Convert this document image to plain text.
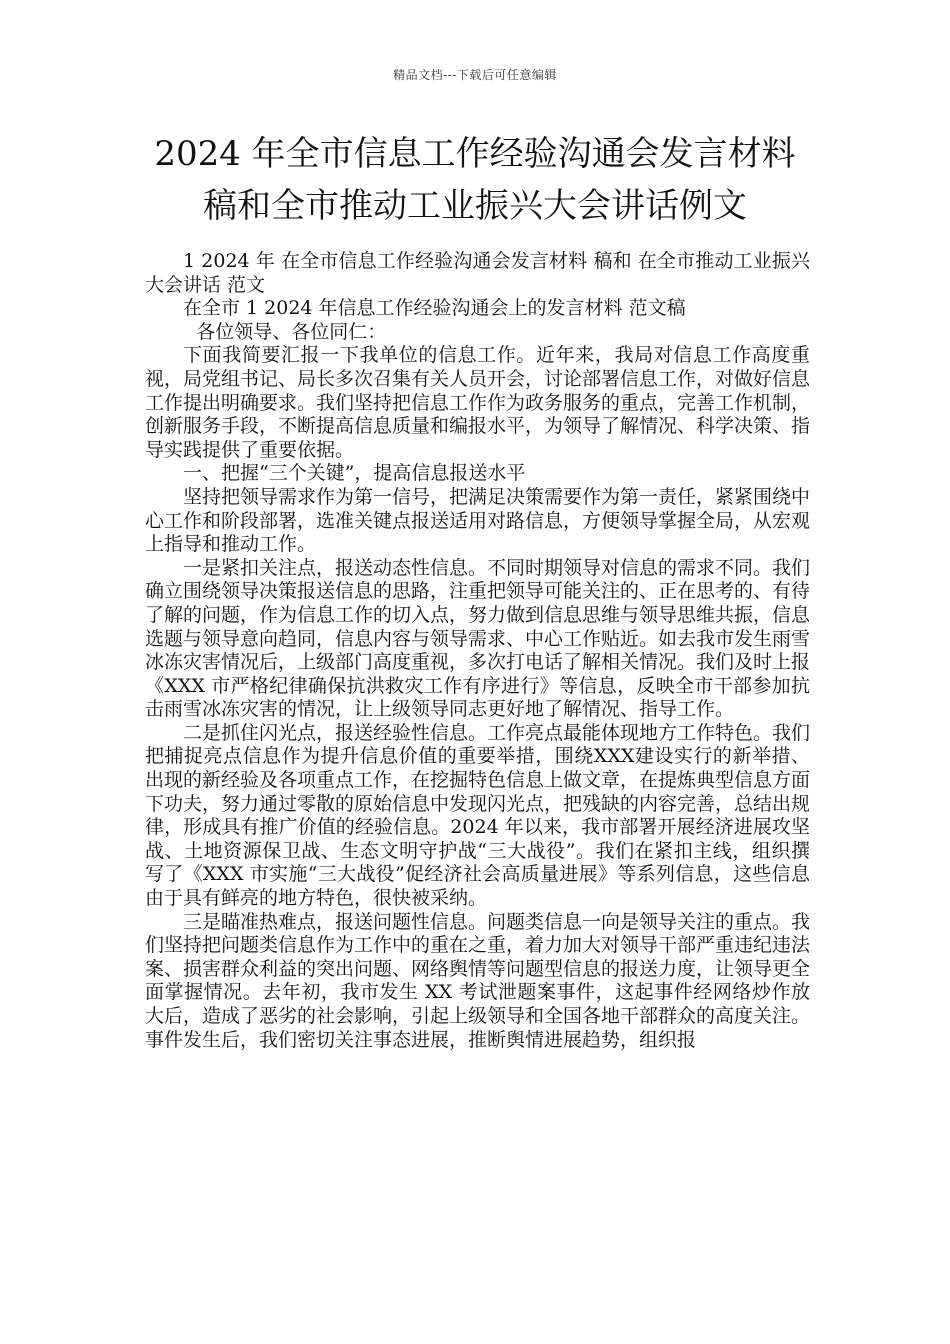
精品文档---下载后可任意编辑
2024 年全市信息工作经验沟通会发言材料
稿和全市推动工业振兴大会讲话例文

1 2024 年 在全市信息工作经验沟通会发言材料 稿和 在全市推动工业振兴大会讲话 范文

在全市 1 2024 年信息工作经验沟通会上的发言材料 范文稿

各位领导、各位同仁：

下面我简要汇报一下我单位的信息工作。近年来，我局对信息工作高度重视，局党组书记、局长多次召集有关人员开会，讨论部署信息工作，对做好信息工作提出明确要求。我们坚持把信息工作作为政务服务的重点，完善工作机制，创新服务手段，不断提高信息质量和编报水平，为领导了解情况、科学决策、指导实践提供了重要依据。

一、把握“三个关键”，提高信息报送水平

坚持把领导需求作为第一信号，把满足决策需要作为第一责任，紧紧围绕中心工作和阶段部署，选准关键点报送适用对路信息，方便领导掌握全局，从宏观上指导和推动工作。

一是紧扣关注点，报送动态性信息。不同时期领导对信息的需求不同。我们确立围绕领导决策报送信息的思路，注重把领导可能关注的、正在思考的、有待了解的问题，作为信息工作的切入点，努力做到信息思维与领导思维共振，信息选题与领导意向趋同，信息内容与领导需求、中心工作贴近。如去我市发生雨雪冰冻灾害情况后，上级部门高度重视，多次打电话了解相关情况。我们及时上报《XXX 市严格纪律确保抗洪救灾工作有序进行》等信息，反映全市干部参加抗击雨雪冰冻灾害的情况，让上级领导同志更好地了解情况、指导工作。

二是抓住闪光点，报送经验性信息。工作亮点最能体现地方工作特色。我们把捕捉亮点信息作为提升信息价值的重要举措，围绕XXX建设实行的新举措、出现的新经验及各项重点工作，在挖掘特色信息上做文章，在提炼典型信息方面下功夫，努力通过零散的原始信息中发现闪光点，把残缺的内容完善，总结出规律，形成具有推广价值的经验信息。2024 年以来，我市部署开展经济进展攻坚战、土地资源保卫战、生态文明守护战“三大战役”。我们在紧扣主线，组织撰写了《XXX 市实施“三大战役”促经济社会高质量进展》等系列信息，这些信息由于具有鲜亮的地方特色，很快被采纳。

三是瞄准热难点，报送问题性信息。问题类信息一向是领导关注的重点。我们坚持把问题类信息作为工作中的重在之重，着力加大对领导干部严重违纪违法案、损害群众利益的突出问题、网络舆情等问题型信息的报送力度，让领导更全面掌握情况。去年初，我市发生 XX 考试泄题案事件，这起事件经网络炒作放大后，造成了恶劣的社会影响，引起上级领导和全国各地干部群众的高度关注。事件发生后，我们密切关注事态进展，推断舆情进展趋势，组织报
